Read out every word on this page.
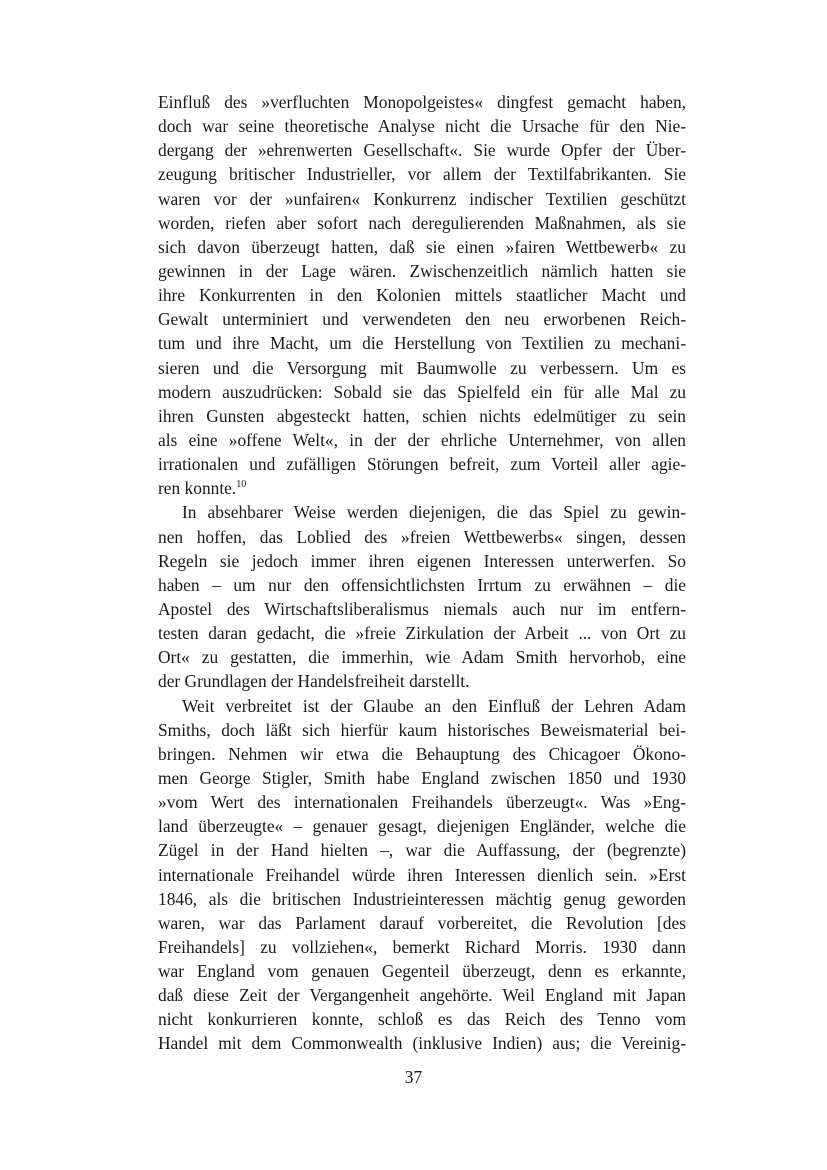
Einfluß des »verfluchten Monopolgeistes« dingfest gemacht haben,
doch war seine theoretische Analyse nicht die Ursache für den Nie-
dergang der »ehrenwerten Gesellschaft«. Sie wurde Opfer der Über-
zeugung britischer Industrieller, vor allem der Textilfabrikanten. Sie
waren vor der »unfairen« Konkurrenz indischer Textilien geschützt
worden, riefen aber sofort nach deregulierenden Maßnahmen, als sie
sich davon überzeugt hatten, daß sie einen »fairen Wettbewerb« zu
gewinnen in der Lage wären. Zwischenzeitlich nämlich hatten sie
ihre Konkurrenten in den Kolonien mittels staatlicher Macht und
Gewalt unterminiert und verwendeten den neu erworbenen Reich-
tum und ihre Macht, um die Herstellung von Textilien zu mechani-
sieren und die Versorgung mit Baumwolle zu verbessern. Um es
modern auszudrücken: Sobald sie das Spielfeld ein für alle Mal zu
ihren Gunsten abgesteckt hatten, schien nichts edelmütiger zu sein
als eine »offene Welt«, in der der ehrliche Unternehmer, von allen
irrationalen und zufälligen Störungen befreit, zum Vorteil aller agie-
ren konnte.$^{10}$

In absehbarer Weise werden diejenigen, die das Spiel zu gewin-
nen hoffen, das Loblied des »freien Wettbewerbs« singen, dessen
Regeln sie jedoch immer ihren eigenen Interessen unterwerfen. So
haben – um nur den offensichtlichsten Irrtum zu erwähnen – die
Apostel des Wirtschaftsliberalismus niemals auch nur im entfern-
testen daran gedacht, die »freie Zirkulation der Arbeit ... von Ort zu
Ort« zu gestatten, die immerhin, wie Adam Smith hervorhob, eine
der Grundlagen der Handelsfreiheit darstellt.

Weit verbreitet ist der Glaube an den Einfluß der Lehren Adam
Smiths, doch läßt sich hierfür kaum historisches Beweismaterial bei-
bringen. Nehmen wir etwa die Behauptung des Chicagoer Ökono-
men George Stigler, Smith habe England zwischen 1850 und 1930
»vom Wert des internationalen Freihandels überzeugt«. Was »Eng-
land überzeugte« – genauer gesagt, diejenigen Engländer, welche die
Zügel in der Hand hielten –, war die Auffassung, der (begrenzte)
internationale Freihandel würde ihren Interessen dienlich sein. »Erst
1846, als die britischen Industrieinteressen mächtig genug geworden
waren, war das Parlament darauf vorbereitet, die Revolution [des
Freihandels] zu vollziehen«, bemerkt Richard Morris. 1930 dann
war England vom genauen Gegenteil überzeugt, denn es erkannte,
daß diese Zeit der Vergangenheit angehörte. Weil England mit Japan
nicht konkurrieren konnte, schloß es das Reich des Tenno vom
Handel mit dem Commonwealth (inklusive Indien) aus; die Vereinig-

37
